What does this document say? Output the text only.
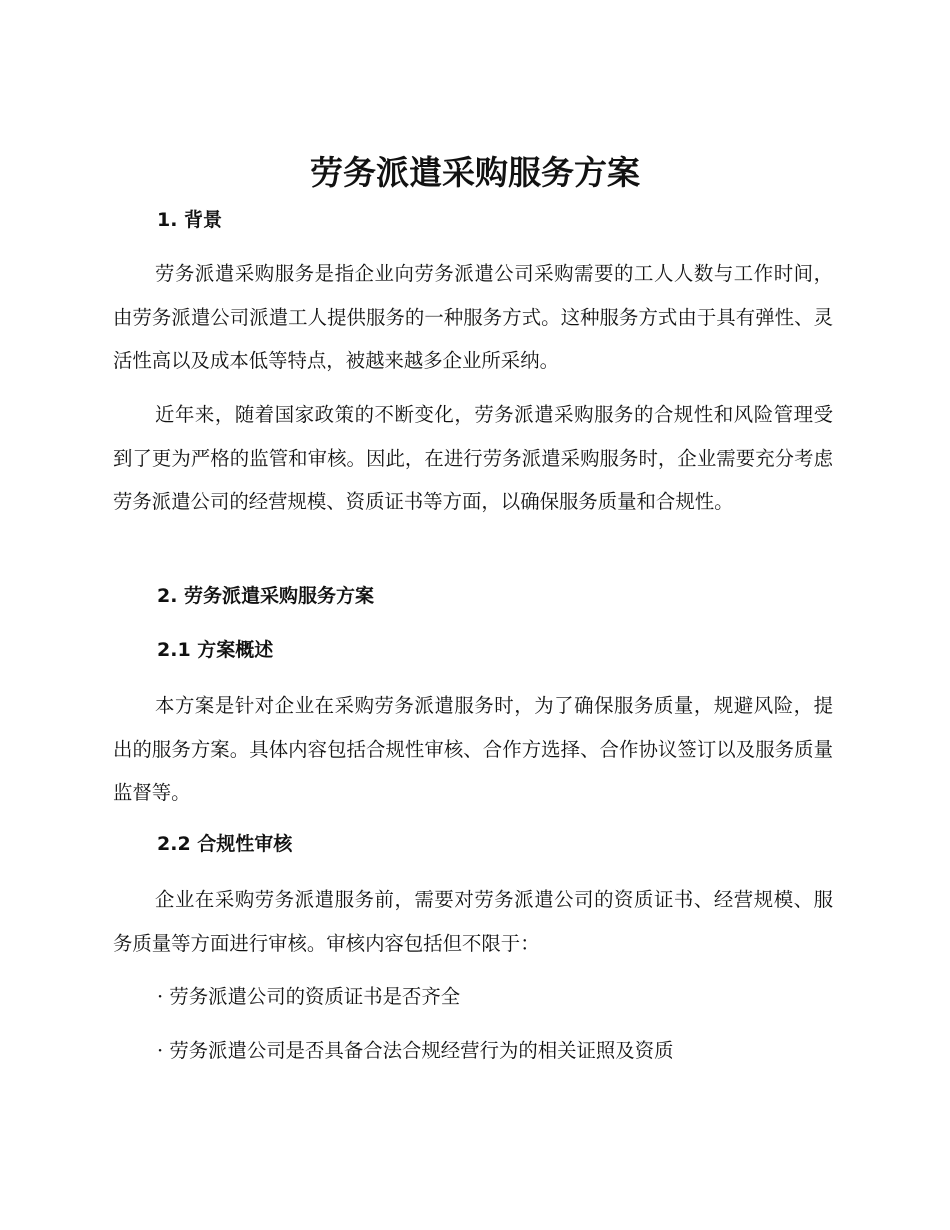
劳务派遣采购服务方案
1. 背景

劳务派遣采购服务是指企业向劳务派遣公司采购需要的工人人数与工作时间，由劳务派遣公司派遣工人提供服务的一种服务方式。这种服务方式由于具有弹性、灵活性高以及成本低等特点，被越来越多企业所采纳。

近年来，随着国家政策的不断变化，劳务派遣采购服务的合规性和风险管理受到了更为严格的监管和审核。因此，在进行劳务派遣采购服务时，企业需要充分考虑劳务派遣公司的经营规模、资质证书等方面，以确保服务质量和合规性。

2. 劳务派遣采购服务方案
2.1 方案概述

本方案是针对企业在采购劳务派遣服务时，为了确保服务质量，规避风险，提出的服务方案。具体内容包括合规性审核、合作方选择、合作协议签订以及服务质量监督等。

2.2 合规性审核

企业在采购劳务派遣服务前，需要对劳务派遣公司的资质证书、经营规模、服务质量等方面进行审核。审核内容包括但不限于：

· 劳务派遣公司的资质证书是否齐全
· 劳务派遣公司是否具备合法合规经营行为的相关证照及资质
